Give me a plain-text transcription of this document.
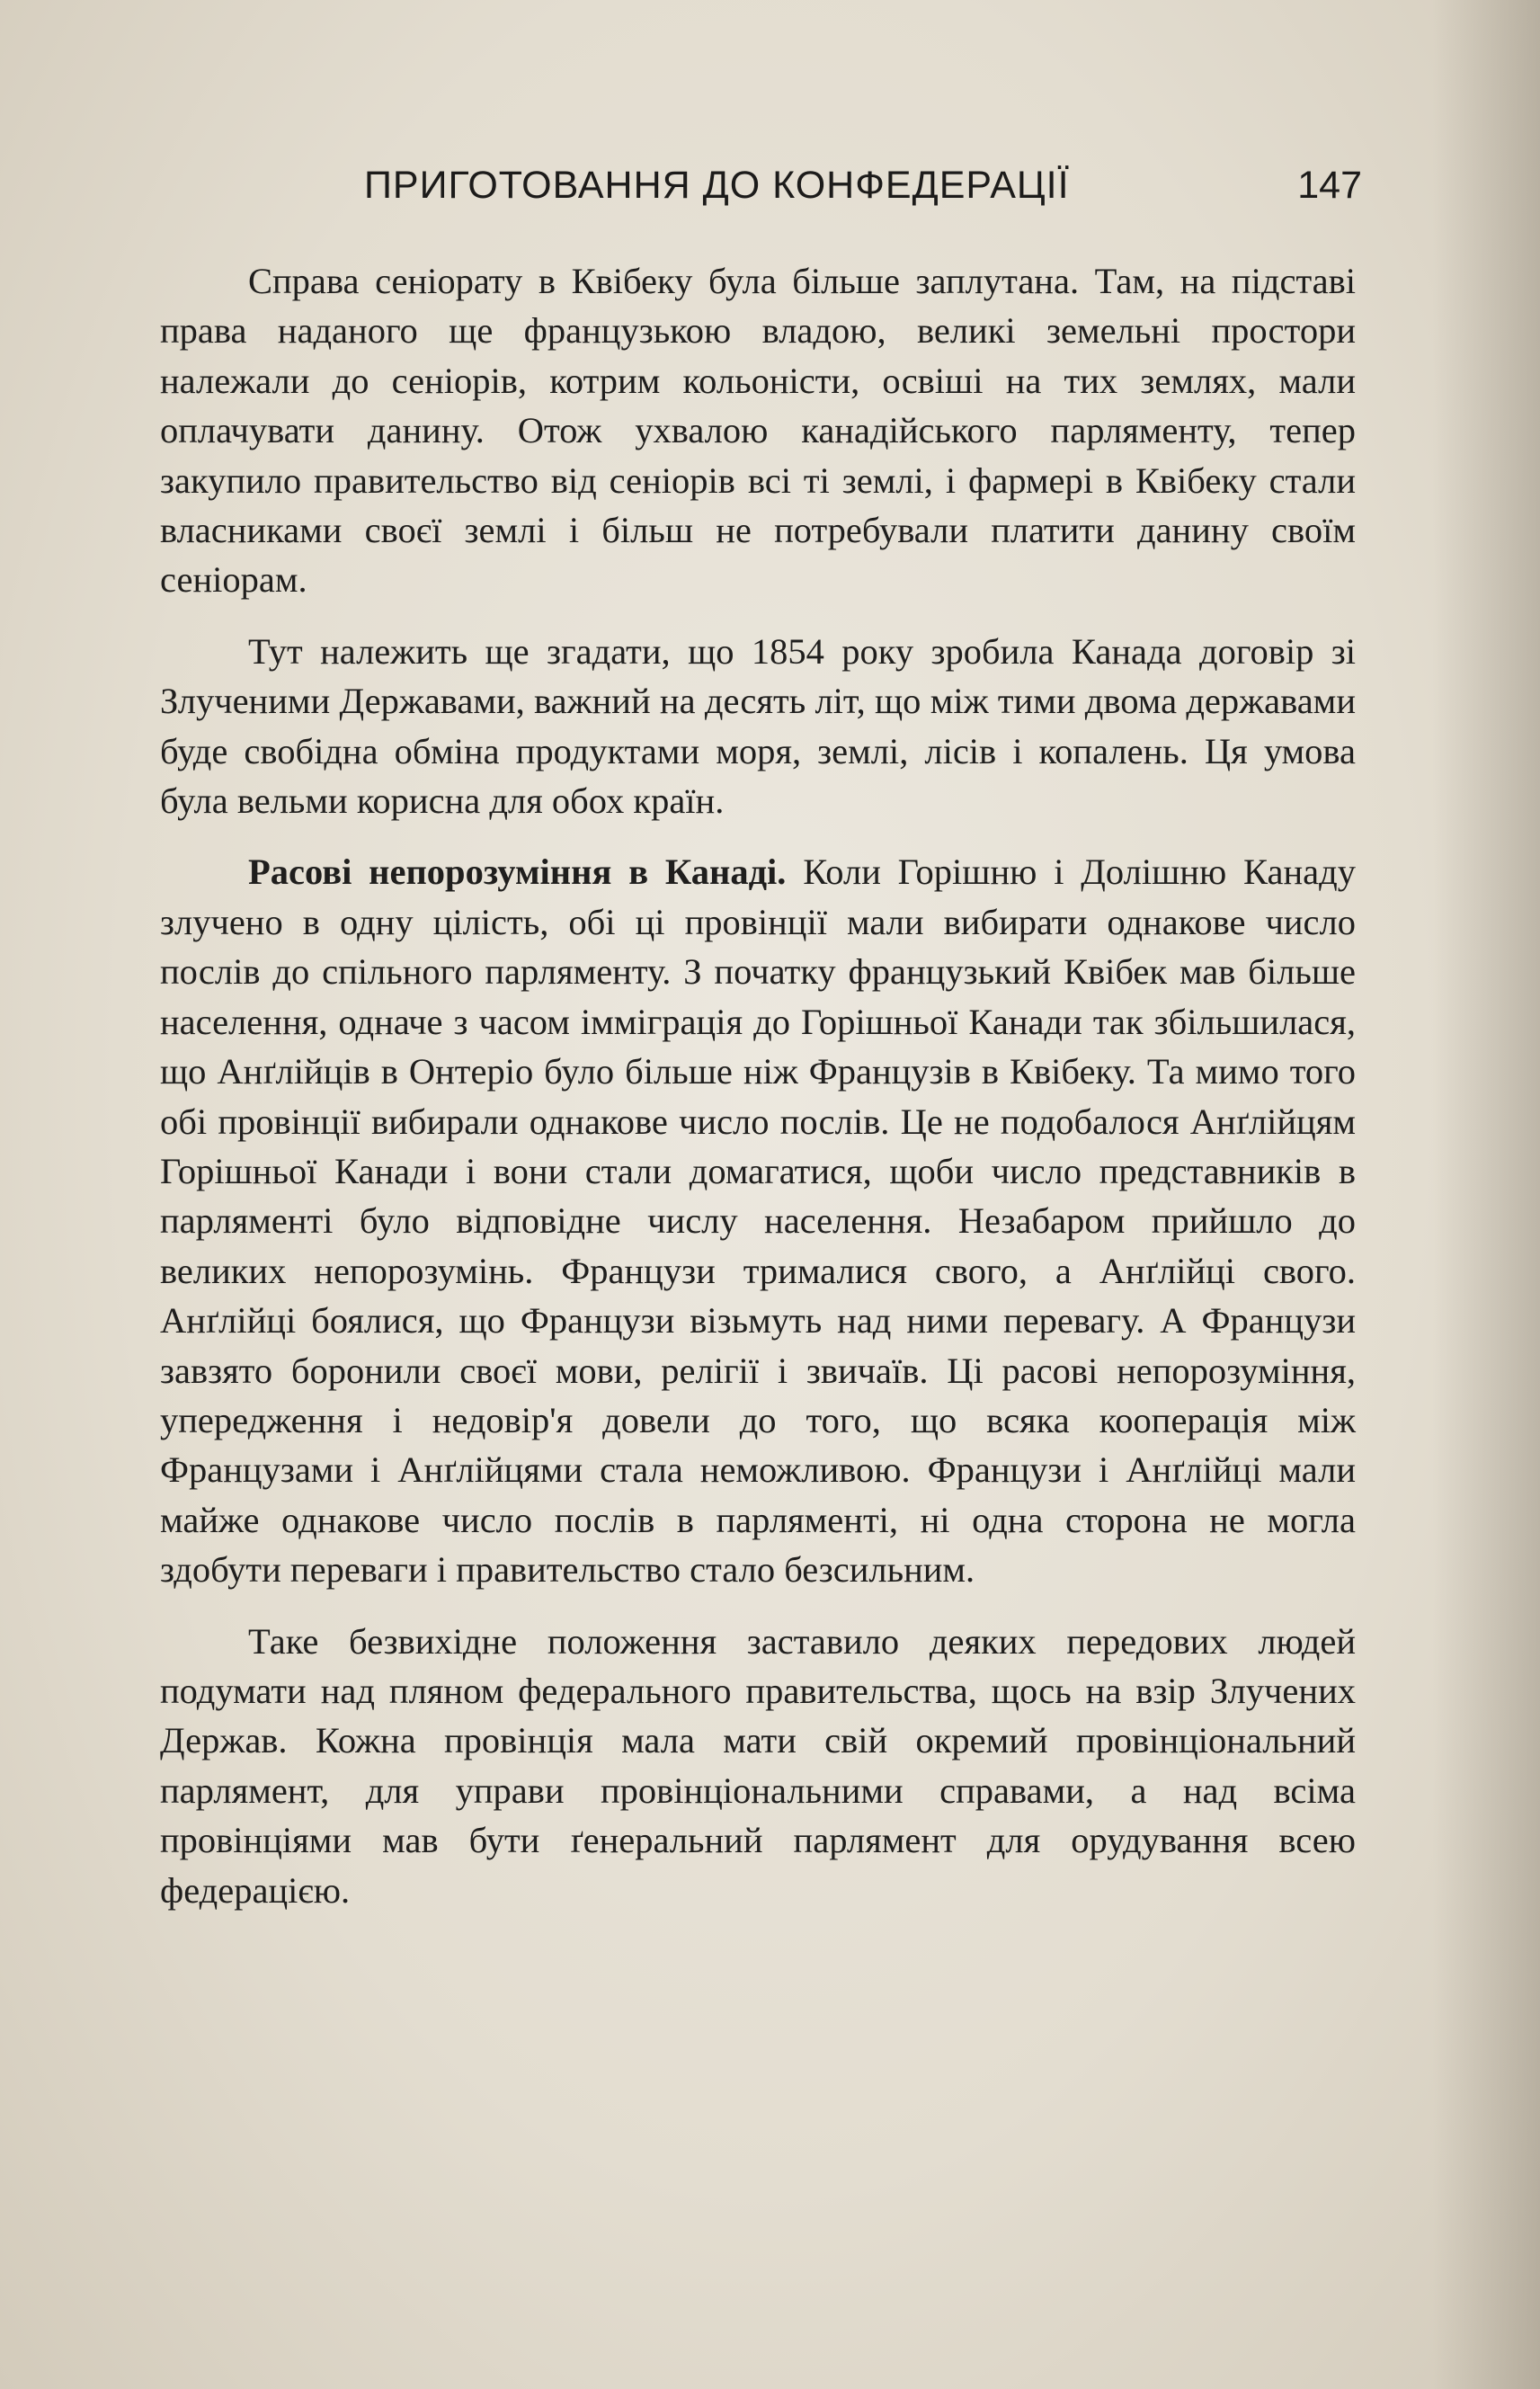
ПРИГОТОВАННЯ ДО КОНФЕДЕРАЦІЇ	147

Справа сеніорату в Квібеку була більше заплутана. Там, на підставі права наданого ще французькою владою, великі земельні простори належали до сеніорів, котрим кольоністи, освіші на тих землях, мали оплачувати данину. Отож ухвалою канадійського парляменту, тепер закупило правительство від сеніорів всі ті землі, і фармері в Квібеку стали власниками своєї землі і більш не потребували платити данину своїм сеніорам.

Тут належить ще згадати, що 1854 року зробила Канада договір зі Злученими Державами, важний на десять літ, що між тими двома державами буде свобідна обміна продуктами моря, землі, лісів і копалень. Ця умова була вельми корисна для обох країн.

Расові непорозуміння в Канаді. Коли Горішню і Долішню Канаду злучено в одну цілість, обі ці провінції мали вибирати однакове число послів до спільного парляменту. З початку французький Квібек мав більше населення, одначе з часом імміграція до Горішньої Канади так збільшилася, що Анґлійців в Онтеріо було більше ніж Французів в Квібеку. Та мимо того обі провінції вибирали однакове число послів. Це не подобалося Анґлійцям Горішньої Канади і вони стали домагатися, щоби число представників в парляменті було відповідне числу населення. Незабаром прийшло до великих непорозумінь. Французи трималися свого, а Анґлійці свого. Анґлійці боялися, що Французи візьмуть над ними перевагу. А Французи завзято боронили своєї мови, релігії і звичаїв. Ці расові непорозуміння, упередження і недовір'я довели до того, що всяка кооперація між Французами і Анґлійцями стала неможливою. Французи і Анґлійці мали майже однакове число послів в парляменті, ні одна сторона не могла здобути переваги і правительство стало безсильним.

Таке безвихідне положення заставило деяких передових людей подумати над пляном федерального правительства, щось на взір Злучених Держав. Кожна провінція мала мати свій окремий провінціональний парлямент, для управи провінціональними справами, а над всіма провінціями мав бути ґенеральний парлямент для орудування всею федерацією.
